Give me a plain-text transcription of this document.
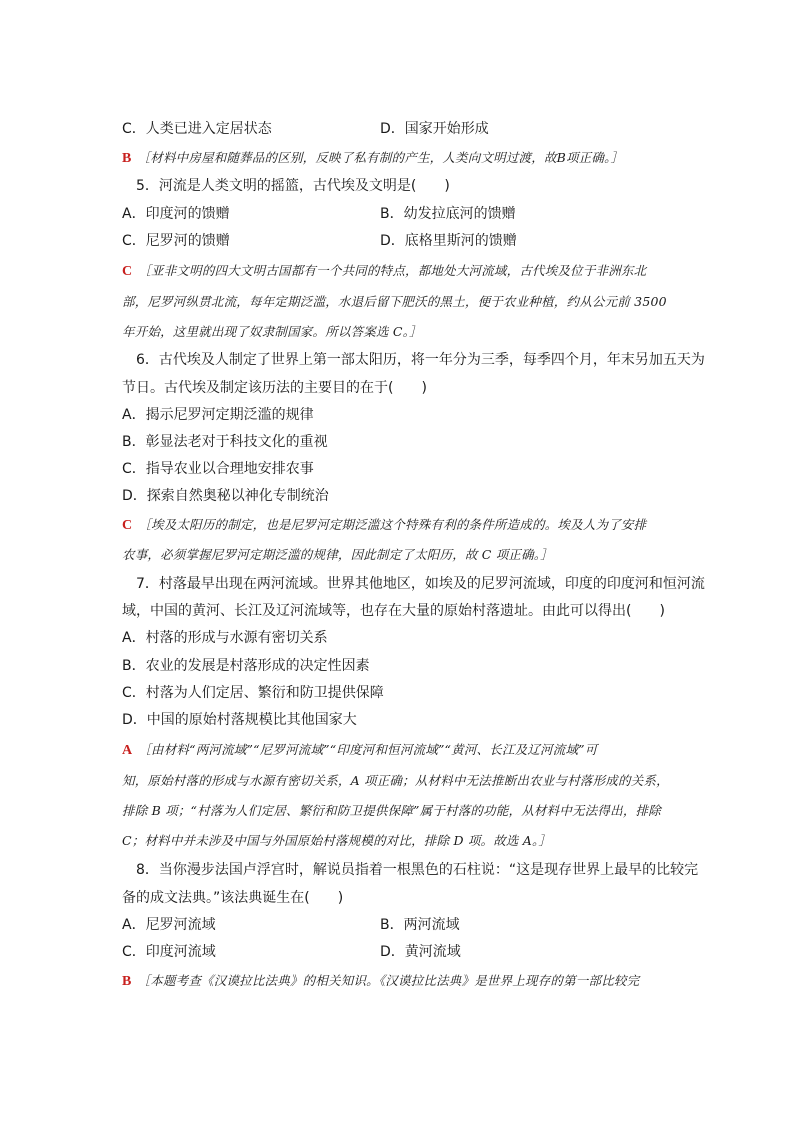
C．人类已进入定居状态	D．国家开始形成
B ［材料中房屋和随葬品的区别，反映了私有制的产生，人类向文明过渡，故B项正确。］
5．河流是人类文明的摇篮，古代埃及文明是(　　)
A．印度河的馈赠	B．幼发拉底河的馈赠
C．尼罗河的馈赠	D．底格里斯河的馈赠
C ［亚非文明的四大文明古国都有一个共同的特点，都地处大河流域，古代埃及位于非洲东北
部，尼罗河纵贯北流，每年定期泛滥，水退后留下肥沃的黑土，便于农业种植，约从公元前 3500
年开始，这里就出现了奴隶制国家。所以答案选 C。］
6．古代埃及人制定了世界上第一部太阳历，将一年分为三季，每季四个月，年末另加五天为
节日。古代埃及制定该历法的主要目的在于(　　)
A．揭示尼罗河定期泛滥的规律
B．彰显法老对于科技文化的重视
C．指导农业以合理地安排农事
D．探索自然奥秘以神化专制统治
C ［埃及太阳历的制定，也是尼罗河定期泛滥这个特殊有利的条件所造成的。埃及人为了安排
农事，必须掌握尼罗河定期泛滥的规律，因此制定了太阳历，故 C 项正确。］
7．村落最早出现在两河流域。世界其他地区，如埃及的尼罗河流域，印度的印度河和恒河流
域，中国的黄河、长江及辽河流域等，也存在大量的原始村落遗址。由此可以得出(　　)
A．村落的形成与水源有密切关系
B．农业的发展是村落形成的决定性因素
C．村落为人们定居、繁衍和防卫提供保障
D．中国的原始村落规模比其他国家大
A ［由材料“两河流域”“尼罗河流域”“印度河和恒河流域”“黄河、长江及辽河流域”可
知，原始村落的形成与水源有密切关系，A 项正确；从材料中无法推断出农业与村落形成的关系，
排除 B 项；“村落为人们定居、繁衍和防卫提供保障”属于村落的功能，从材料中无法得出，排除
C；材料中并未涉及中国与外国原始村落规模的对比，排除 D 项。故选 A。］
8．当你漫步法国卢浮宫时，解说员指着一根黑色的石柱说：“这是现存世界上最早的比较完
备的成文法典。”该法典诞生在(　　)
A．尼罗河流域	B．两河流域
C．印度河流域	D．黄河流域
B ［本题考查《汉谟拉比法典》的相关知识。《汉谟拉比法典》是世界上现存的第一部比较完
